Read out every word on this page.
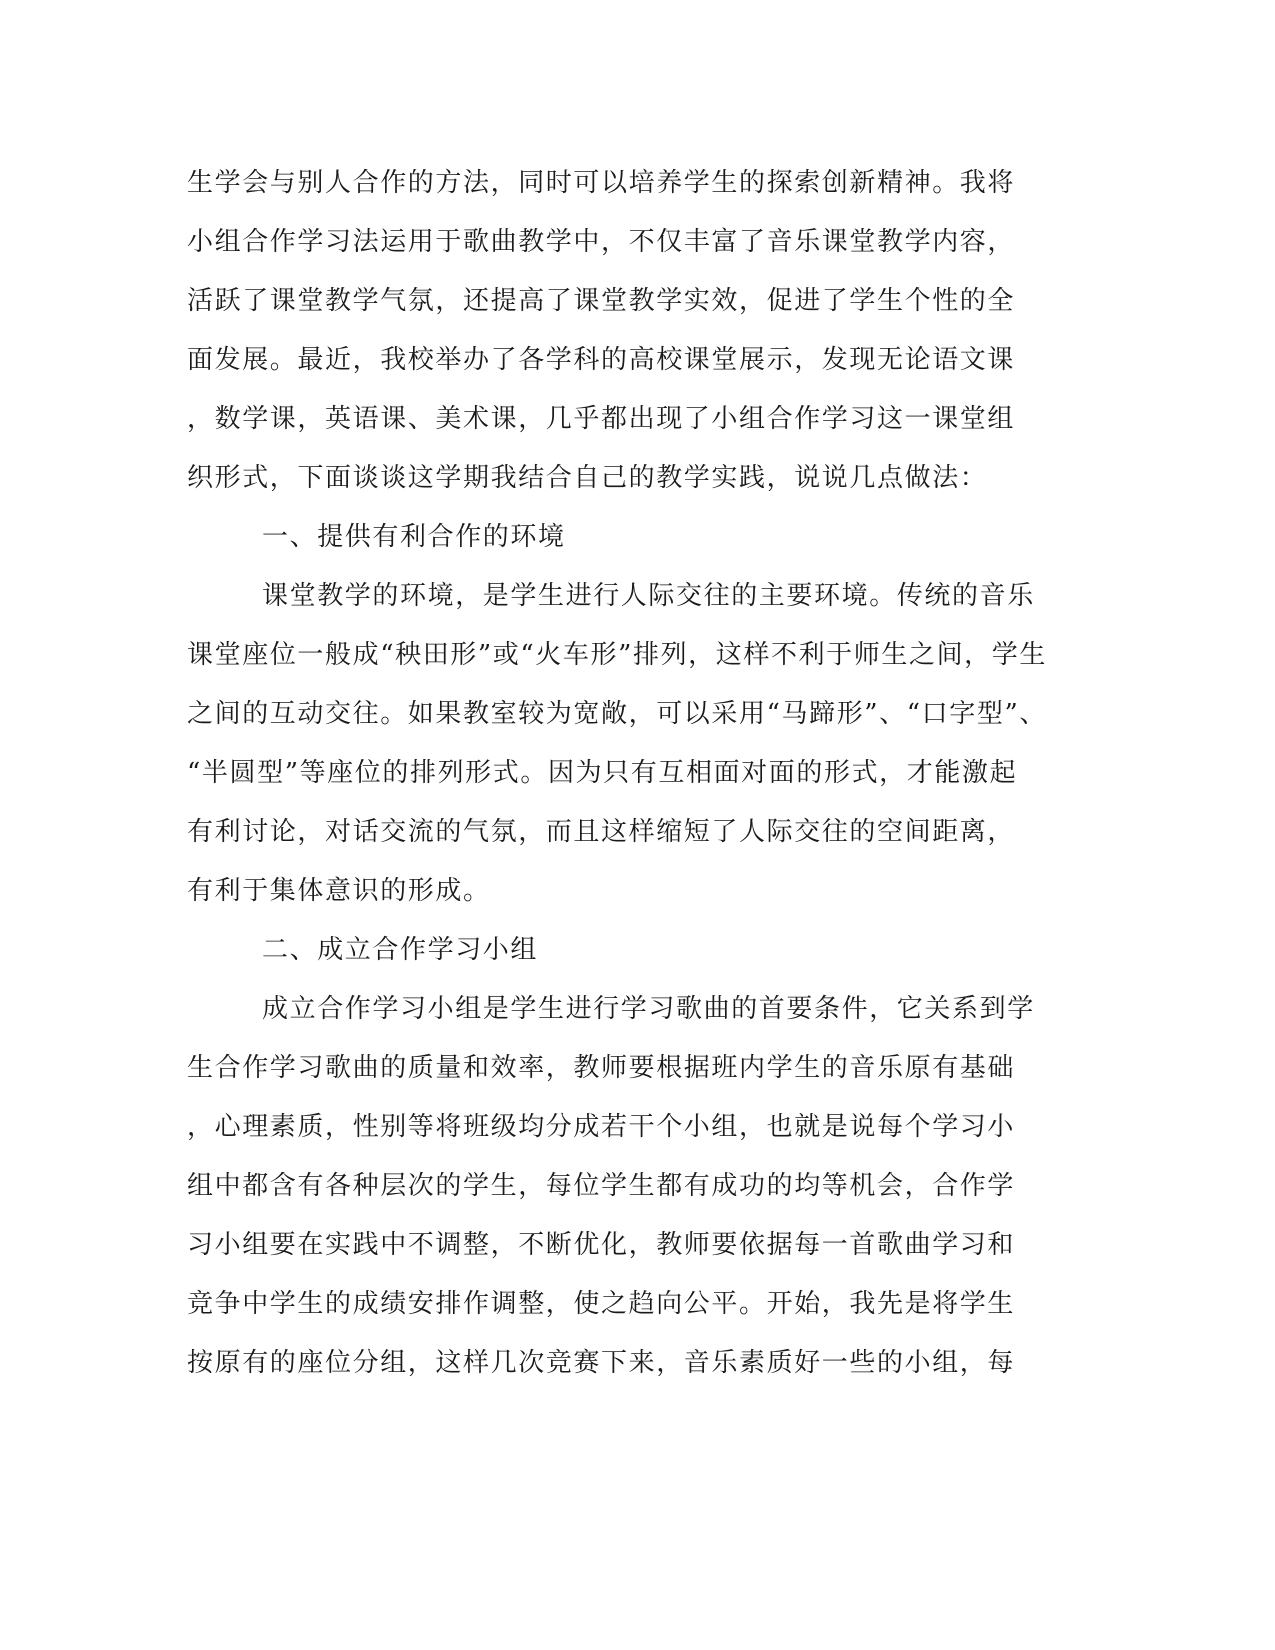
生学会与别人合作的方法，同时可以培养学生的探索创新精神。我将
小组合作学习法运用于歌曲教学中，不仅丰富了音乐课堂教学内容，
活跃了课堂教学气氛，还提高了课堂教学实效，促进了学生个性的全
面发展。最近，我校举办了各学科的高校课堂展示，发现无论语文课
，数学课，英语课、美术课，几乎都出现了小组合作学习这一课堂组
织形式，下面谈谈这学期我结合自己的教学实践，说说几点做法：
一、提供有利合作的环境
课堂教学的环境，是学生进行人际交往的主要环境。传统的音乐
课堂座位一般成“秧田形”或“火车形”排列，这样不利于师生之间，学生
之间的互动交往。如果教室较为宽敞，可以采用“马蹄形”、“口字型”、
“半圆型”等座位的排列形式。因为只有互相面对面的形式，才能激起
有利讨论，对话交流的气氛，而且这样缩短了人际交往的空间距离，
有利于集体意识的形成。
二、成立合作学习小组
成立合作学习小组是学生进行学习歌曲的首要条件，它关系到学
生合作学习歌曲的质量和效率，教师要根据班内学生的音乐原有基础
，心理素质，性别等将班级均分成若干个小组，也就是说每个学习小
组中都含有各种层次的学生，每位学生都有成功的均等机会，合作学
习小组要在实践中不调整，不断优化，教师要依据每一首歌曲学习和
竞争中学生的成绩安排作调整，使之趋向公平。开始，我先是将学生
按原有的座位分组，这样几次竞赛下来，音乐素质好一些的小组，每
